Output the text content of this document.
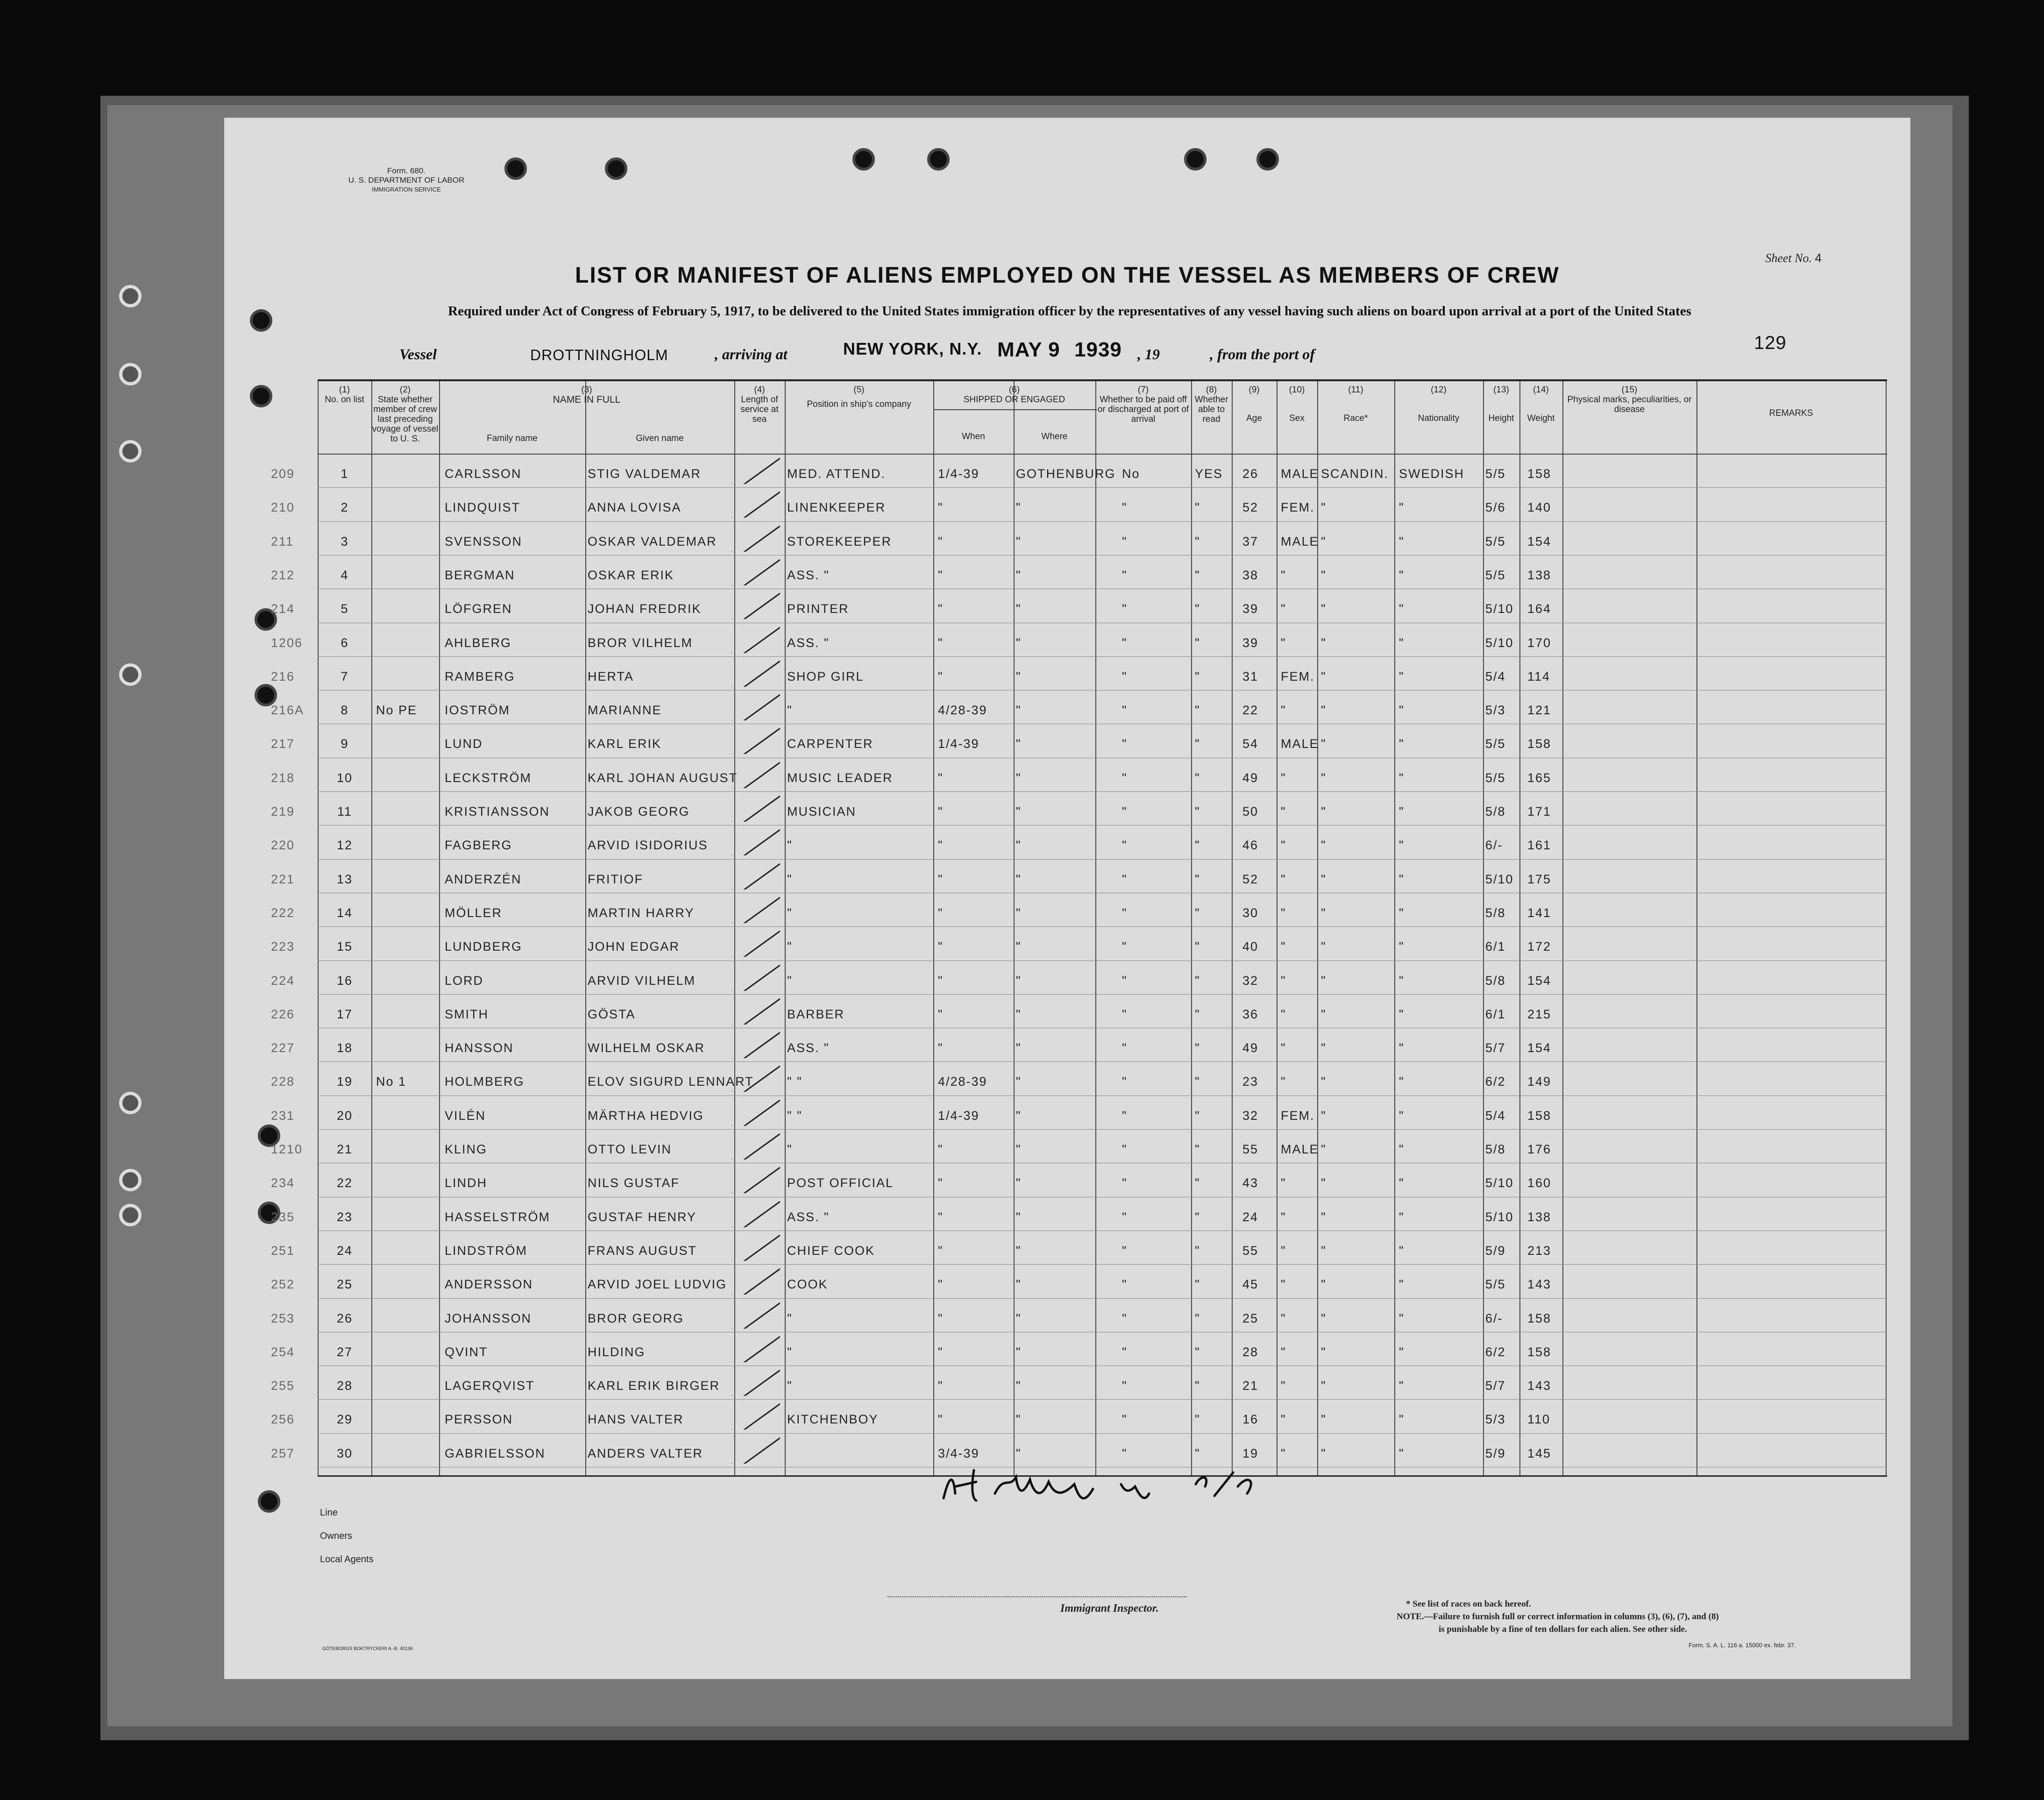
Form. 680.
U. S. DEPARTMENT OF LABOR
IMMIGRATION SERVICE
Sheet No. 4
LIST OR MANIFEST OF ALIENS EMPLOYED ON THE VESSEL AS MEMBERS OF CREW
Required under Act of Congress of February 5, 1917, to be delivered to the United States immigration officer by the representatives of any vessel having such aliens on board upon arrival at a port of the United States
Vessel	DROTTNINGHOLM	, arriving at	NEW YORK, N.Y. MAY 9 1939 , 19	, from the port of
129
(1)
No. on list
(2)
State whether member of crew last preceding voyage of vessel to U. S.
(3)
NAME IN FULL
Family name	Given name
(4)
Length of service at sea
(5)
Position in ship's company
(6)
SHIPPED OR ENGAGED
When	Where
(7)
Whether to be paid off or discharged at port of arrival
(8)
Whether able to read
(9)
Age
(10)
Sex
(11)
Race*
(12)
Nationality
(13)
Height
(14)
Weight
(15)
Physical marks, peculiarities, or disease	REMARKS
209	1	CARLSSON	STIG VALDEMAR	MED. ATTEND.	1/4-39	GOTHENBURG No	YES 26 MALE SCANDIN. SWEDISH 5/5 158
210	2	LINDQUIST	ANNA LOVISA	LINENKEEPER	"	"	"	"	52 FEM. "	"	5/6 140
211	3	SVENSSON	OSKAR VALDEMAR	STOREKEEPER	"	"	"	"	37 MALE "	"	5/5 154
212	4	BERGMAN	OSKAR ERIK	ASS. "	"	"	"	"	38 "	"	"	5/5 138
214	5	LÖFGREN	JOHAN FREDRIK	PRINTER	"	"	"	"	39 "	"	"	5/10 164
1206	6	AHLBERG	BROR VILHELM	ASS. "	"	"	"	"	39 "	"	"	5/10 170
216	7	RAMBERG	HERTA	SHOP GIRL	"	"	"	"	31 FEM. "	"	5/4 114
216A	8	No PE IOSTRÖM	MARIANNE	"	4/28-39 "	"	"	22 "	"	"	5/3 121
217	9	LUND	KARL ERIK	CARPENTER	1/4-39	"	"	"	54 MALE "	"	5/5 158
218	10	LECKSTRÖM	KARL JOHAN AUGUST	MUSIC LEADER	"	"	"	"	49 "	"	"	5/5 165
219	11	KRISTIANSSON	JAKOB GEORG	MUSICIAN	"	"	"	"	50 "	"	"	5/8 171
220	12	FAGBERG	ARVID ISIDORIUS	"	"	"	"	"	46 "	"	"	6/- 161
221	13	ANDERZÉN	FRITIOF	"	"	"	"	"	52 "	"	"	5/10 175
222	14	MÖLLER	MARTIN HARRY	"	"	"	"	"	30 "	"	"	5/8 141
223	15	LUNDBERG	JOHN EDGAR	"	"	"	"	"	40 "	"	"	6/1 172
224	16	LORD	ARVID VILHELM	"	"	"	"	"	32 "	"	"	5/8 154
226	17	SMITH	GÖSTA	BARBER	"	"	"	"	36 "	"	"	6/1 215
227	18	HANSSON	WILHELM OSKAR	ASS. "	"	"	"	"	49 "	"	"	5/7 154
228	19	No 1	HOLMBERG	ELOV SIGURD LENNART	" "	4/28-39 "	"	"	23 "	"	"	6/2 149
231	20	VILÉN	MÄRTHA HEDVIG	" "	1/4-39	"	"	"	32 FEM. "	"	5/4 158
1210	21	KLING	OTTO LEVIN	"	"	"	"	"	55 MALE "	"	5/8 176
234	22	LINDH	NILS GUSTAF	POST OFFICIAL	"	"	"	"	43 "	"	"	5/10 160
235	23	HASSELSTRÖM	GUSTAF HENRY	ASS. "	"	"	"	"	24 "	"	"	5/10 138
251	24	LINDSTRÖM	FRANS AUGUST	CHIEF COOK	"	"	"	"	55 "	"	"	5/9 213
252	25	ANDERSSON	ARVID JOEL LUDVIG	COOK	"	"	"	"	45 "	"	"	5/5 143
253	26	JOHANSSON	BROR GEORG	"	"	"	"	"	25 "	"	"	6/- 158
254	27	QVINT	HILDING	"	"	"	"	"	28 "	"	"	6/2 158
255	28	LAGERQVIST	KARL ERIK BIRGER	"	"	"	"	"	21 "	"	"	5/7 143
256	29	PERSSON	HANS VALTER	KITCHENBOY	"	"	"	"	16 "	"	"	5/3 110
257	30	GABRIELSSON	ANDERS VALTER	3/4-39	"	"	"	19 "	"	"	5/9 145
Line
Owners
Local Agents
Immigrant Inspector.	* See list of races on back hereof.
NOTE.—Failure to furnish full or correct information in columns (3), (6), (7), and (8)
is punishable by a fine of ten dollars for each alien. See other side.
Form. S. A. L. 116 a. 15000 ex. febr. 37.
GÖTEBORGS BOKTRYCKERI A.-B. 40136
